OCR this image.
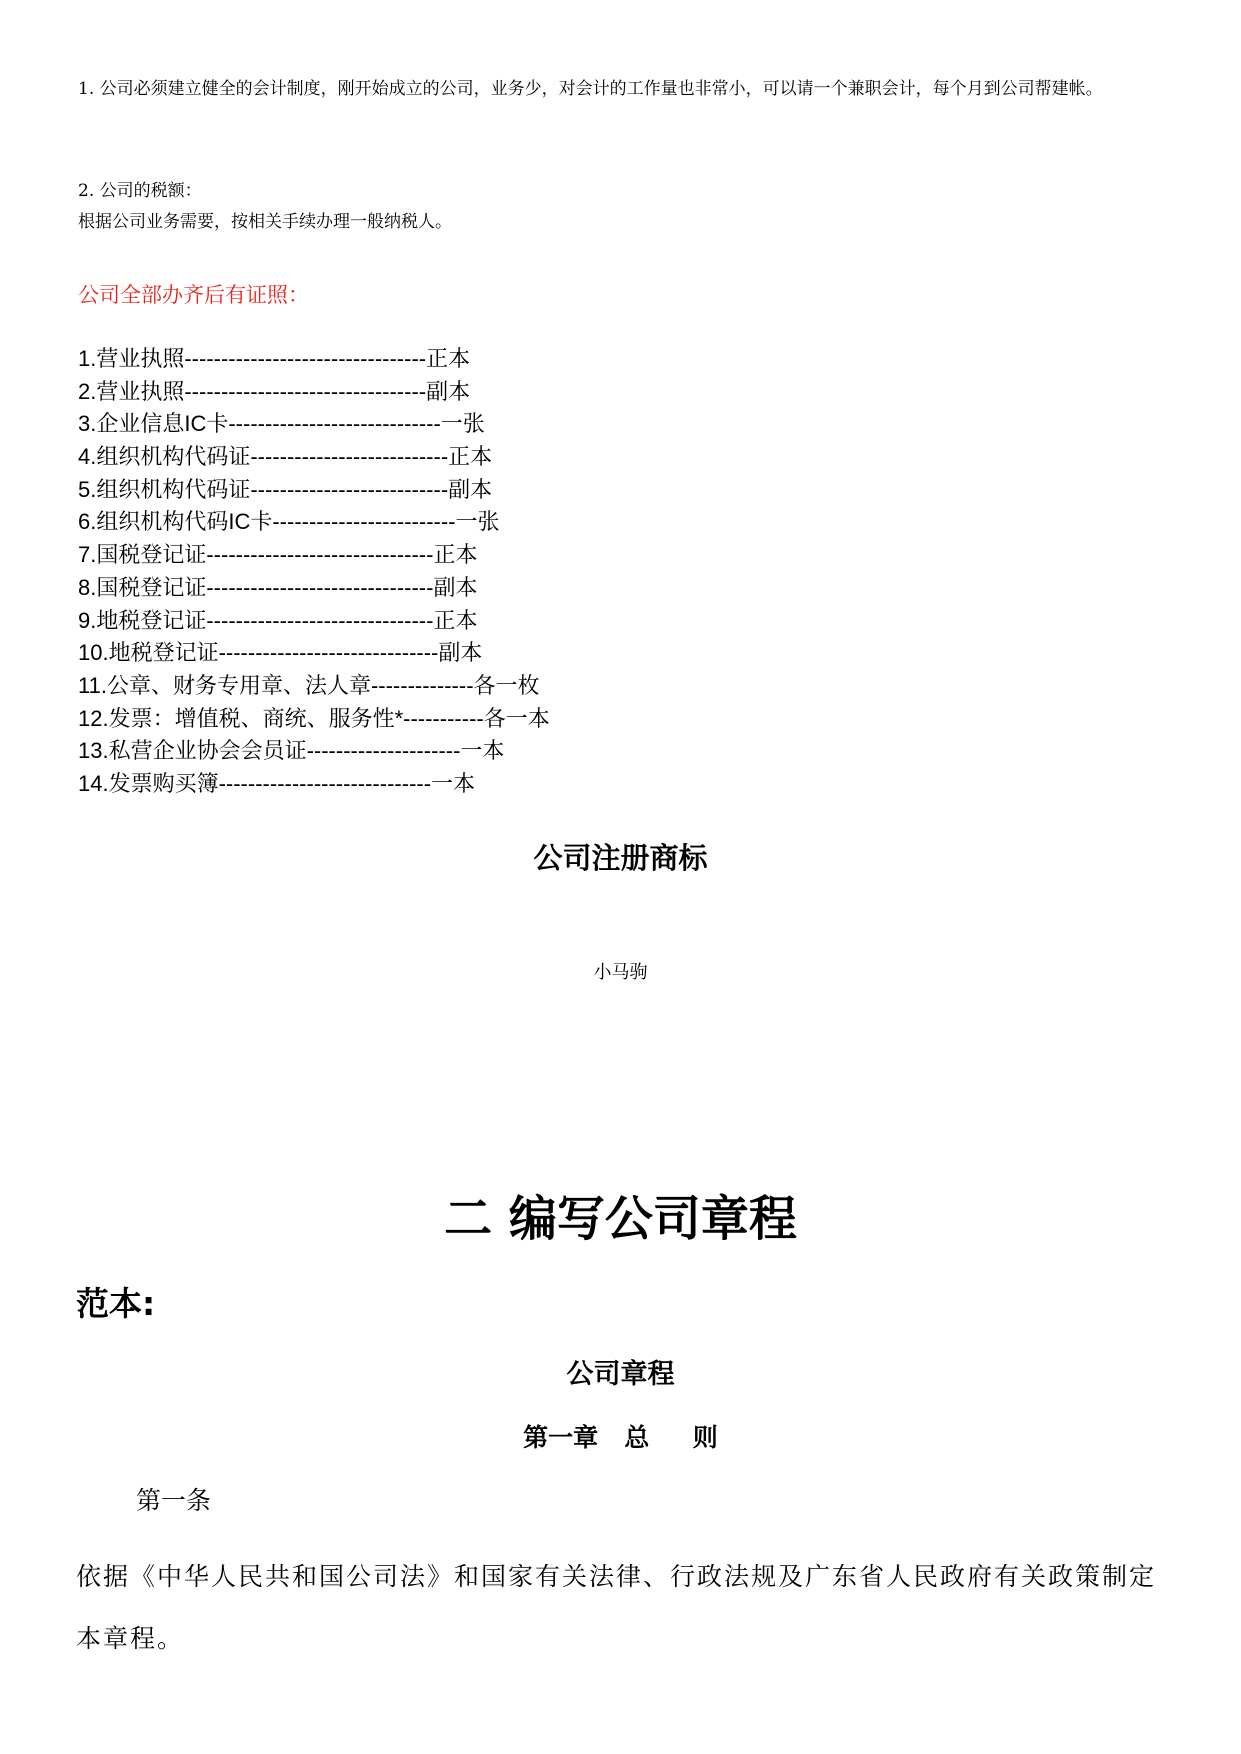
1. 公司必须建立健全的会计制度，刚开始成立的公司，业务少，对会计的工作量也非常小，可以请一个兼职会计，每个月到公司帮建帐。

2. 公司的税额：

根据公司业务需要，按相关手续办理一般纳税人。

公司全部办齐后有证照：

1.营业执照---------------------------------正本
2.营业执照---------------------------------副本
3.企业信息IC卡-----------------------------一张
4.组织机构代码证---------------------------正本
5.组织机构代码证---------------------------副本
6.组织机构代码IC卡-------------------------一张
7.国税登记证-------------------------------正本
8.国税登记证-------------------------------副本
9.地税登记证-------------------------------正本
10.地税登记证------------------------------副本
11.公章、财务专用章、法人章--------------各一枚
12.发票：增值税、商统、服务性*-----------各一本
13.私营企业协会会员证---------------------一本
14.发票购买簿-----------------------------一本
公司注册商标

小马驹

二 编写公司章程
范本:
公司章程
第一章   总     则

第一条

依据《中华人民共和国公司法》和国家有关法律、行政法规及广东省人民政府有关政策制定本章程。
